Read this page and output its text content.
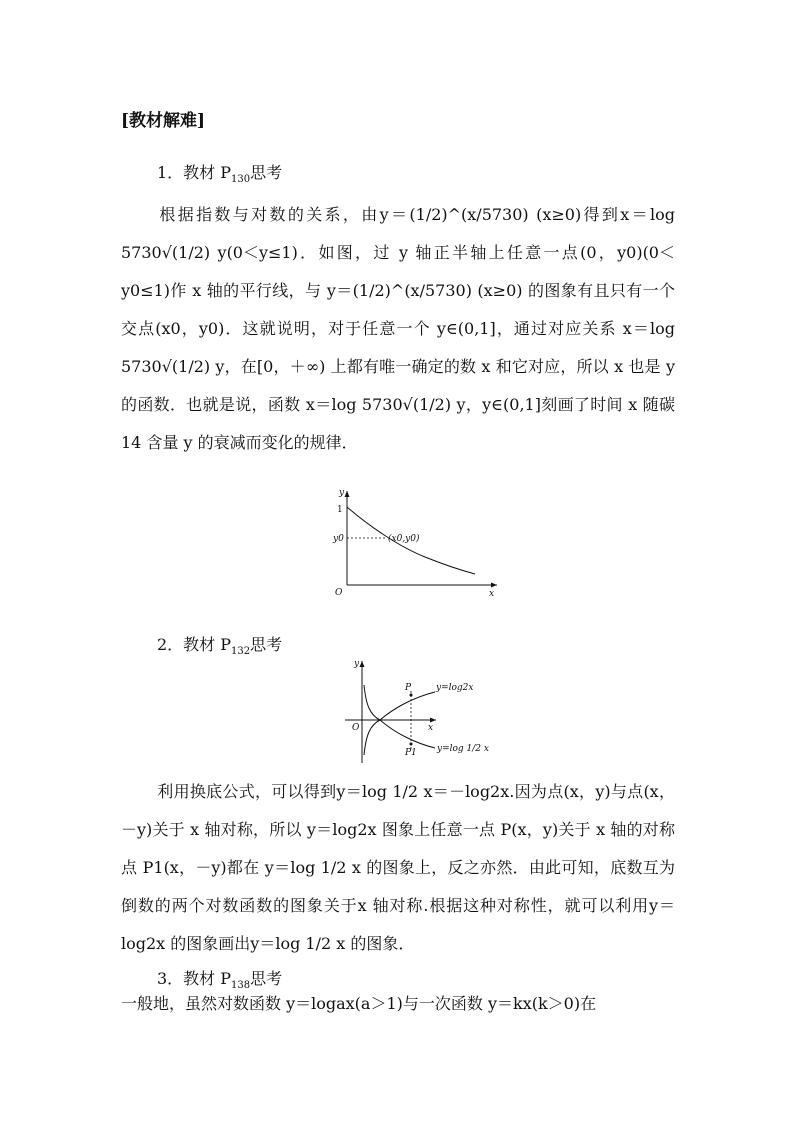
[教材解难]
1．教材 $P_{130}$思考
根据指数与对数的关系，由y＝(1/2)^(x/5730) (x≥0)得到x＝log 5730√(1/2) y(0＜y≤1)．如图，过 y 轴正半轴上任意一点(0，y0)(0＜y0≤1)作 x 轴的平行线，与 y＝(1/2)^(x/5730) (x≥0) 的图象有且只有一个交点(x0，y0)．这就说明，对于任意一个 y∈(0,1]，通过对应关系 x＝log 5730√(1/2) y，在[0，＋∞) 上都有唯一确定的数 x 和它对应，所以 x 也是 y 的函数．也就是说，函数 x＝log 5730√(1/2) y，y∈(0,1]刻画了时间 x 随碳 14 含量 y 的衰减而变化的规律．
y
x
O
1
y0	(x0,y0)
2．教材 $P_{132}$思考
y
x
O
P
P1
y=log2x
y=log 1/2 x
利用换底公式，可以得到y＝log 1/2 x＝－log2x.因为点(x，y)与点(x，－y)关于 x 轴对称，所以 y＝log2x 图象上任意一点 P(x，y)关于 x 轴的对称点 P1(x，－y)都在 y＝log 1/2 x 的图象上，反之亦然．由此可知，底数互为倒数的两个对数函数的图象关于x 轴对称.根据这种对称性，就可以利用y＝log2x 的图象画出y＝log 1/2 x 的图象．
3．教材 $P_{138}$思考
一般地，虽然对数函数 y＝logax(a＞1)与一次函数 y＝kx(k＞0)在
